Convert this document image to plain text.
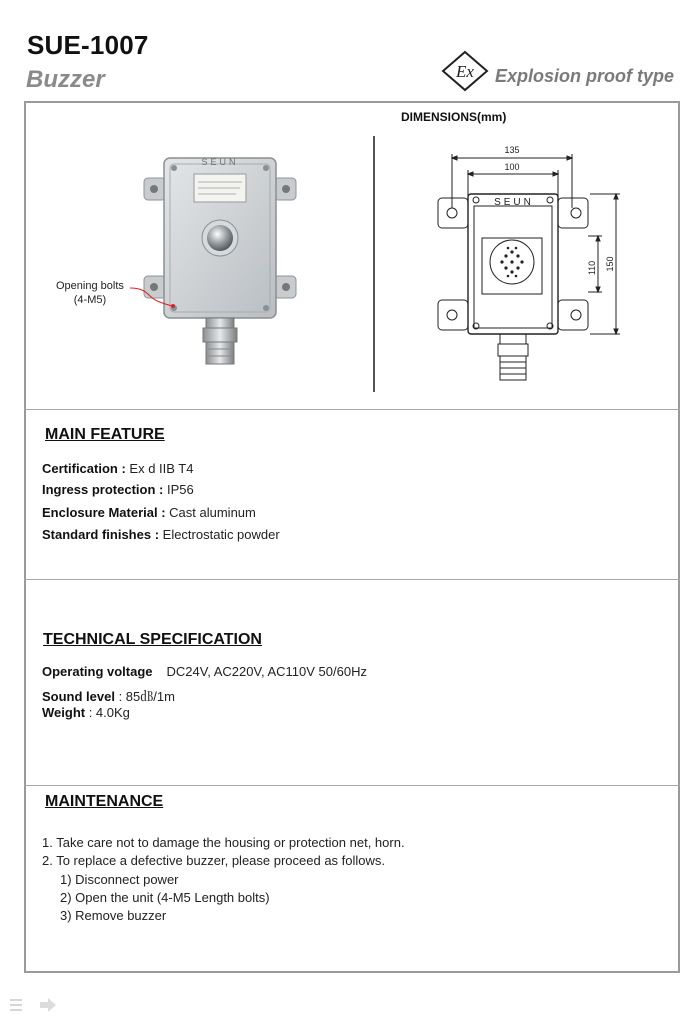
SUE-1007
Buzzer	Ex Explosion proof type
SEUN
Opening bolts
(4-M5)
DIMENSIONS(mm)
135
100
SEUN
110 150
MAIN FEATURE
Certification : Ex d IIB T4
Ingress protection : IP56
Enclosure Material : Cast aluminum
Standard finishes : Electrostatic powder
TECHNICAL SPECIFICATION
Operating voltage DC24V, AC220V, AC110V 50/60Hz
Sound level : 85㏈/1m
Weight : 4.0Kg
MAINTENANCE
1. Take care not to damage the housing or protection net, horn.
2. To replace a defective buzzer, please proceed as follows.
1) Disconnect power
2) Open the unit (4-M5 Length bolts)
3) Remove buzzer
